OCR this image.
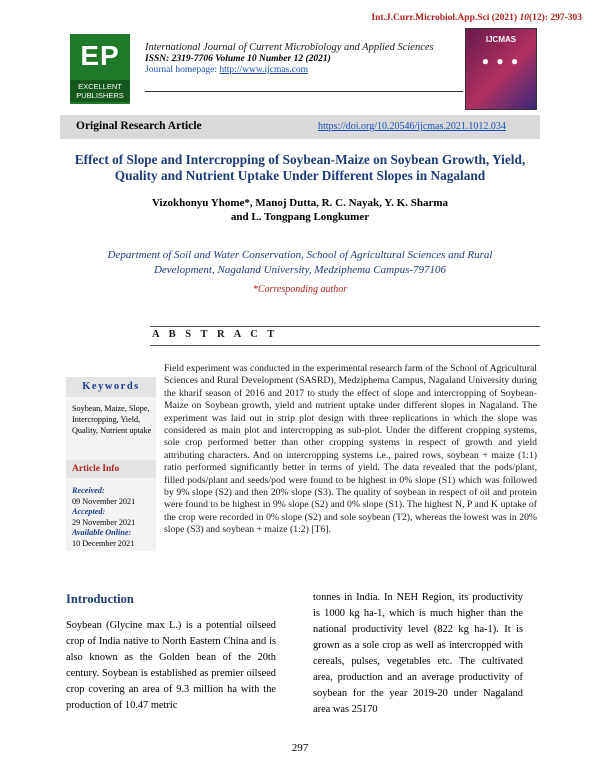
Int.J.Curr.Microbiol.App.Sci (2021) 10(12): 297-303
EP
EXCELLENT PUBLISHERS
International Journal of Current Microbiology and Applied Sciences
ISSN: 2319-7706 Volume 10 Number 12 (2021)
Journal homepage: http://www.ijcmas.com
IJCMAS
● ● ●
Original Research Article	https://doi.org/10.20546/ijcmas.2021.1012.034
Effect of Slope and Intercropping of Soybean-Maize on Soybean Growth, Yield, Quality and Nutrient Uptake Under Different Slopes in Nagaland
Vizokhonyu Yhome*, Manoj Dutta, R. C. Nayak, Y. K. Sharma
and L. Tongpang Longkumer
Department of Soil and Water Conservation, School of Agricultural Sciences and Rural Development, Nagaland University, Medziphema Campus-797106
*Corresponding author
A B S T R A C T
Keywords
Soybean, Maize, Slope, Intercropping, Yield, Quality, Nutrient uptake
Article Info
Received:
09 November 2021
Accepted:
29 November 2021
Available Online:
10 December 2021
Field experiment was conducted in the experimental research farm of the School of Agricultural Sciences and Rural Development (SASRD), Medziphema Campus, Nagaland University during the kharif season of 2016 and 2017 to study the effect of slope and intercropping of Soybean-Maize on Soybean growth, yield and nutrient uptake under different slopes in Nagaland. The experiment was laid out in strip plot design with three replications in which the slope was considered as main plot and intercropping as sub-plot. Under the different cropping systems, sole crop performed better than other cropping systems in respect of growth and yield attributing characters. And on intercropping systems i.e., paired rows, soybean + maize (1:1) ratio performed significantly better in terms of yield. The data revealed that the pods/plant, filled pods/plant and seeds/pod were found to be highest in 0% slope (S1) which was followed by 9% slope (S2) and then 20% slope (S3). The quality of soybean in respect of oil and protein were found to be highest in 9% slope (S2) and 0% slope (S1). The highest N, P and K uptake of the crop were recorded in 0% slope (S2) and sole soybean (T2), whereas the lowest was in 20% slope (S3) and soybean + maize (1:2) [T6].
Introduction
Soybean (Glycine max L.) is a potential oilseed crop of India native to North Eastern China and is also known as the Golden bean of the 20th century. Soybean is established as premier oilseed crop covering an area of 9.3 million ha with the production of 10.47 metric
tonnes in India. In NEH Region, its productivity is 1000 kg ha-1, which is much higher than the national productivity level (822 kg ha-1). It is grown as a sole crop as well as intercropped with cereals, pulses, vegetables etc. The cultivated area, production and an average productivity of soybean for the year 2019-20 under Nagaland area was 25170
297
